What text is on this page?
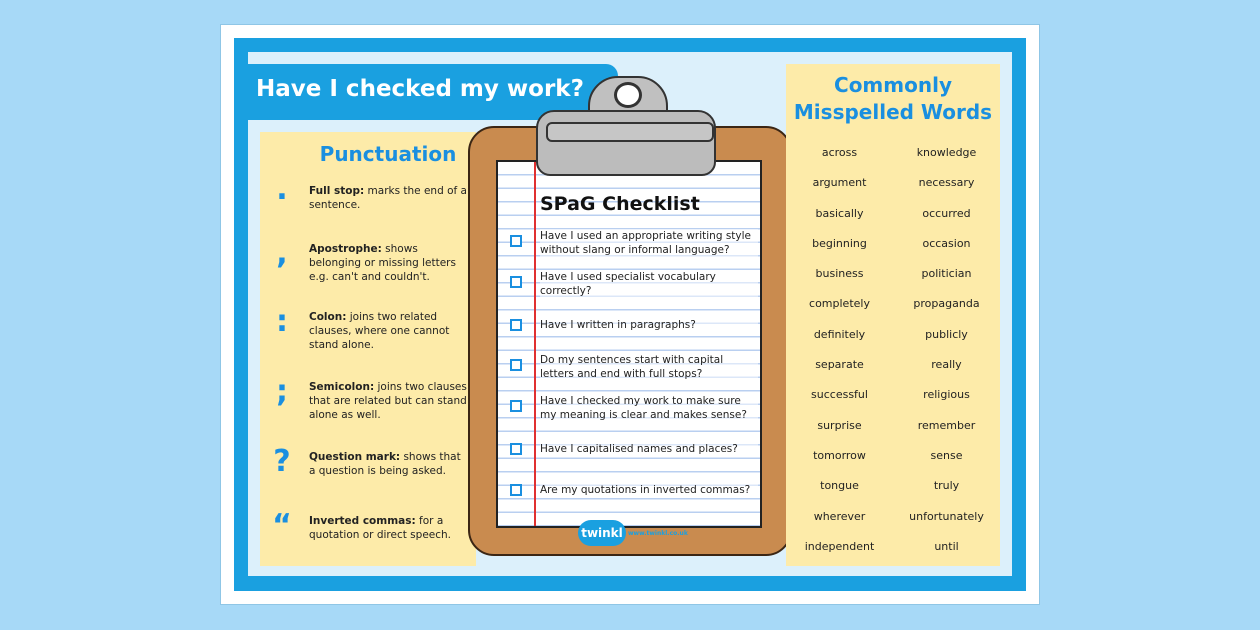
Have I checked my work?
Punctuation
.	Full stop: marks the end of a sentence.
,	Apostrophe: shows belonging or missing letters e.g. can't and couldn't.
:	Colon: joins two related clauses, where one cannot stand alone.
;	Semicolon: joins two clauses that are related but can stand alone as well.
?	Question mark: shows that a question is being asked.
“ Inverted commas: for a quotation or direct speech.
SPaG Checklist
Have I used an appropriate writing style without slang or informal language?
Have I used specialist vocabulary correctly?
Have I written in paragraphs?
Do my sentences start with capital letters and end with full stops?
Have I checked my work to make sure my meaning is clear and makes sense?
Have I capitalised names and places?
Are my quotations in inverted commas?
twinkl www.twinkl.co.uk
Commonly Misspelled Words
across	knowledge
argument	necessary
basically	occurred
beginning	occasion
business	politician
completely	propaganda
definitely	publicly
separate	really
successful	religious
surprise	remember
tomorrow	sense
tongue	truly
wherever	unfortunately
independent	until
